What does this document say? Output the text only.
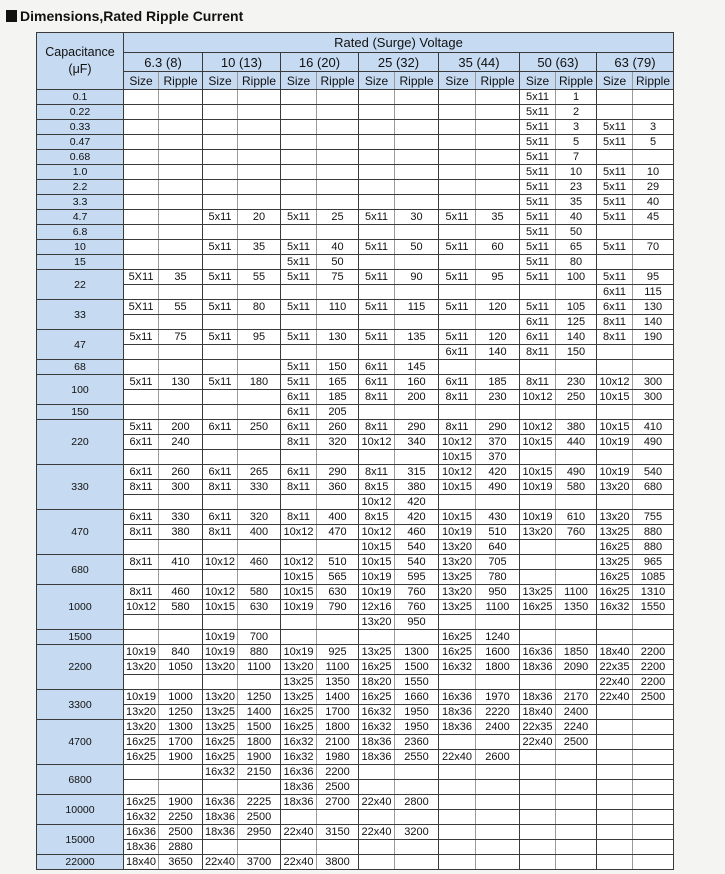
Dimensions,Rated Ripple Current
Capacitance
(μF)	Rated (Surge) Voltage													
	6.3 (8)		10 (13)		16 (20)		25 (32)		35 (44)		50 (63)		63 (79)	
	Size	Ripple	Size	Ripple	Size	Ripple	Size	Ripple	Size	Ripple	Size	Ripple	Size	Ripple
0.1											5x11	1		
0.22											5x11	2		
0.33											5x11	3	5x11	3
0.47											5x11	5	5x11	5
0.68											5x11	7		
1.0											5x11	10	5x11	10
2.2											5x11	23	5x11	29
3.3											5x11	35	5x11	40
4.7			5x11	20	5x11	25	5x11	30	5x11	35	5x11	40	5x11	45
6.8											5x11	50		
10			5x11	35	5x11	40	5x11	50	5x11	60	5x11	65	5x11	70
15					5x11	50					5x11	80		
22	5X11	35	5x11	55	5x11	75	5x11	90	5x11	95	5x11	100	5x11	95
													6x11	115
33	5X11	55	5x11	80	5x11	110	5x11	115	5x11	120	5x11	105	6x11	130
											6x11	125	8x11	140
47	5x11	75	5x11	95	5x11	130	5x11	135	5x11	120	6x11	140	8x11	190
									6x11	140	8x11	150		
68					5x11	150	6x11	145						
100	5x11	130	5x11	180	5x11	165	6x11	160	6x11	185	8x11	230	10x12	300
					6x11	185	8x11	200	8x11	230	10x12	250	10x15	300
150					6x11	205								
220	5x11	200	6x11	250	6x11	260	8x11	290	8x11	290	10x12	380	10x15	410
	6x11	240			8x11	320	10x12	340	10x12	370	10x15	440	10x19	490
									10x15	370				
330	6x11	260	6x11	265	6x11	290	8x11	315	10x12	420	10x15	490	10x19	540
	8x11	300	8x11	330	8x11	360	8x15	380	10x15	490	10x19	580	13x20	680
							10x12	420						
470	6x11	330	6x11	320	8x11	400	8x15	420	10x15	430	10x19	610	13x20	755
	8x11	380	8x11	400	10x12	470	10x12	460	10x19	510	13x20	760	13x25	880
							10x15	540	13x20	640			16x25	880
680	8x11	410	10x12	460	10x12	510	10x15	540	13x20	705			13x25	965
					10x15	565	10x19	595	13x25	780			16x25	1085
1000	8x11	460	10x12	580	10x15	630	10x19	760	13x20	950	13x25	1100	16x25	1310
	10x12	580	10x15	630	10x19	790	12x16	760	13x25	1100	16x25	1350	16x32	1550
							13x20	950						
1500			10x19	700					16x25	1240				
2200	10x19	840	10x19	880	10x19	925	13x25	1300	16x25	1600	16x36	1850	18x40	2200
	13x20	1050	13x20	1100	13x20	1100	16x25	1500	16x32	1800	18x36	2090	22x35	2200
					13x25	1350	18x20	1550					22x40	2200
3300	10x19	1000	13x20	1250	13x25	1400	16x25	1660	16x36	1970	18x36	2170	22x40	2500
	13x20	1250	13x25	1400	16x25	1700	16x32	1950	18x36	2220	18x40	2400		
4700	13x20	1300	13x25	1500	16x25	1800	16x32	1950	18x36	2400	22x35	2240		
	16x25	1700	16x25	1800	16x32	2100	18x36	2360			22x40	2500		
	16x25	1900	16x25	1900	16x32	1980	18x36	2550	22x40	2600				
6800			16x32	2150	16x36	2200								
					18x36	2500								
10000	16x25	1900	16x36	2225	18x36	2700	22x40	2800						
	16x32	2250	18x36	2500										
15000	16x36	2500	18x36	2950	22x40	3150	22x40	3200						
	18x36	2880												
22000	18x40	3650	22x40	3700	22x40	3800								
